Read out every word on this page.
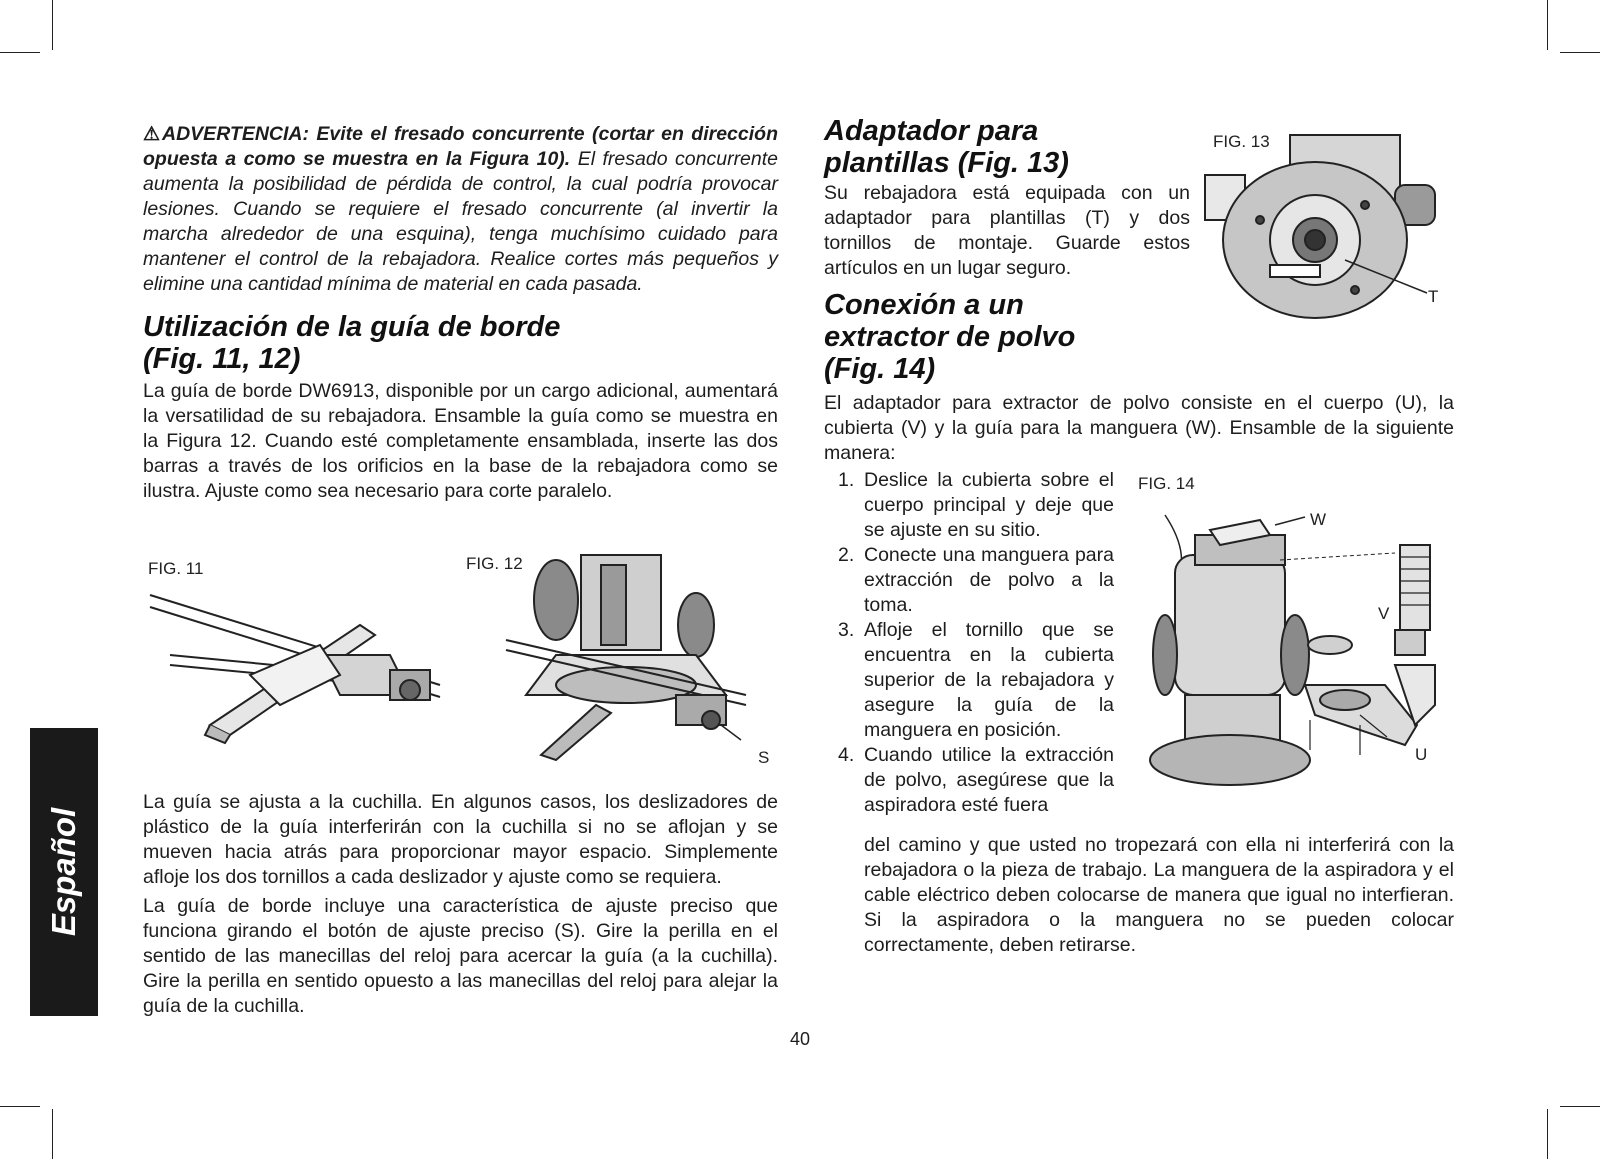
Español

⚠ADVERTENCIA: Evite el fresado concurrente (cortar en dirección opuesta a como se muestra en la Figura 10). El fresado concurrente aumenta la posibilidad de pérdida de control, la cual podría provocar lesiones. Cuando se requiere el fresado concurrente (al invertir la marcha alrededor de una esquina), tenga muchísimo cuidado para mantener el control de la rebajadora. Realice cortes más pequeños y elimine una cantidad mínima de material en cada pasada.

Utilización de la guía de borde
(Fig. 11, 12)

La guía de borde DW6913, disponible por un cargo adicional, aumentará la versatilidad de su rebajadora. Ensamble la guía como se muestra en la Figura 12. Cuando esté completamente ensamblada, inserte las dos barras a través de los orificios en la base de la rebajadora como se ilustra. Ajuste como sea necesario para corte paralelo.

FIG. 11	FIG. 12
S

La guía se ajusta a la cuchilla. En algunos casos, los deslizadores de plástico de la guía interferirán con la cuchilla si no se aflojan y se mueven hacia atrás para proporcionar mayor espacio. Simplemente afloje los dos tornillos a cada deslizador y ajuste como se requiera.

La guía de borde incluye una característica de ajuste preciso que funciona girando el botón de ajuste preciso (S). Gire la perilla en el sentido de las manecillas del reloj para acercar la guía (a la cuchilla). Gire la perilla en sentido opuesto a las manecillas del reloj para alejar la guía de la cuchilla.

Adaptador para
plantillas (Fig. 13)

Su rebajadora está equipada con un adaptador para plantillas (T) y dos tornillos de montaje. Guarde estos artículos en un lugar seguro.

Conexión a un
extractor de polvo
(Fig. 14)
FIG. 13
T

El adaptador para extractor de polvo consiste en el cuerpo (U), la cubierta (V) y la guía para la manguera (W). Ensamble de la siguiente manera:

1. Deslice la cubierta sobre el cuerpo principal y deje que se ajuste en su sitio.
2. Conecte una manguera para extracción de polvo a la toma.
3. Afloje el tornillo que se encuentra en la cubierta superior de la rebajadora y asegure la guía de la manguera en posición.
4. Cuando utilice la extracción de polvo, asegúrese que la aspiradora esté fuera

del camino y que usted no tropezará con ella ni interferirá con la rebajadora o la pieza de trabajo. La manguera de la aspiradora y el cable eléctrico deben colocarse de manera que igual no interfieran. Si la aspiradora o la manguera no se pueden colocar correctamente, deben retirarse.

FIG. 14
W
V
U
40
